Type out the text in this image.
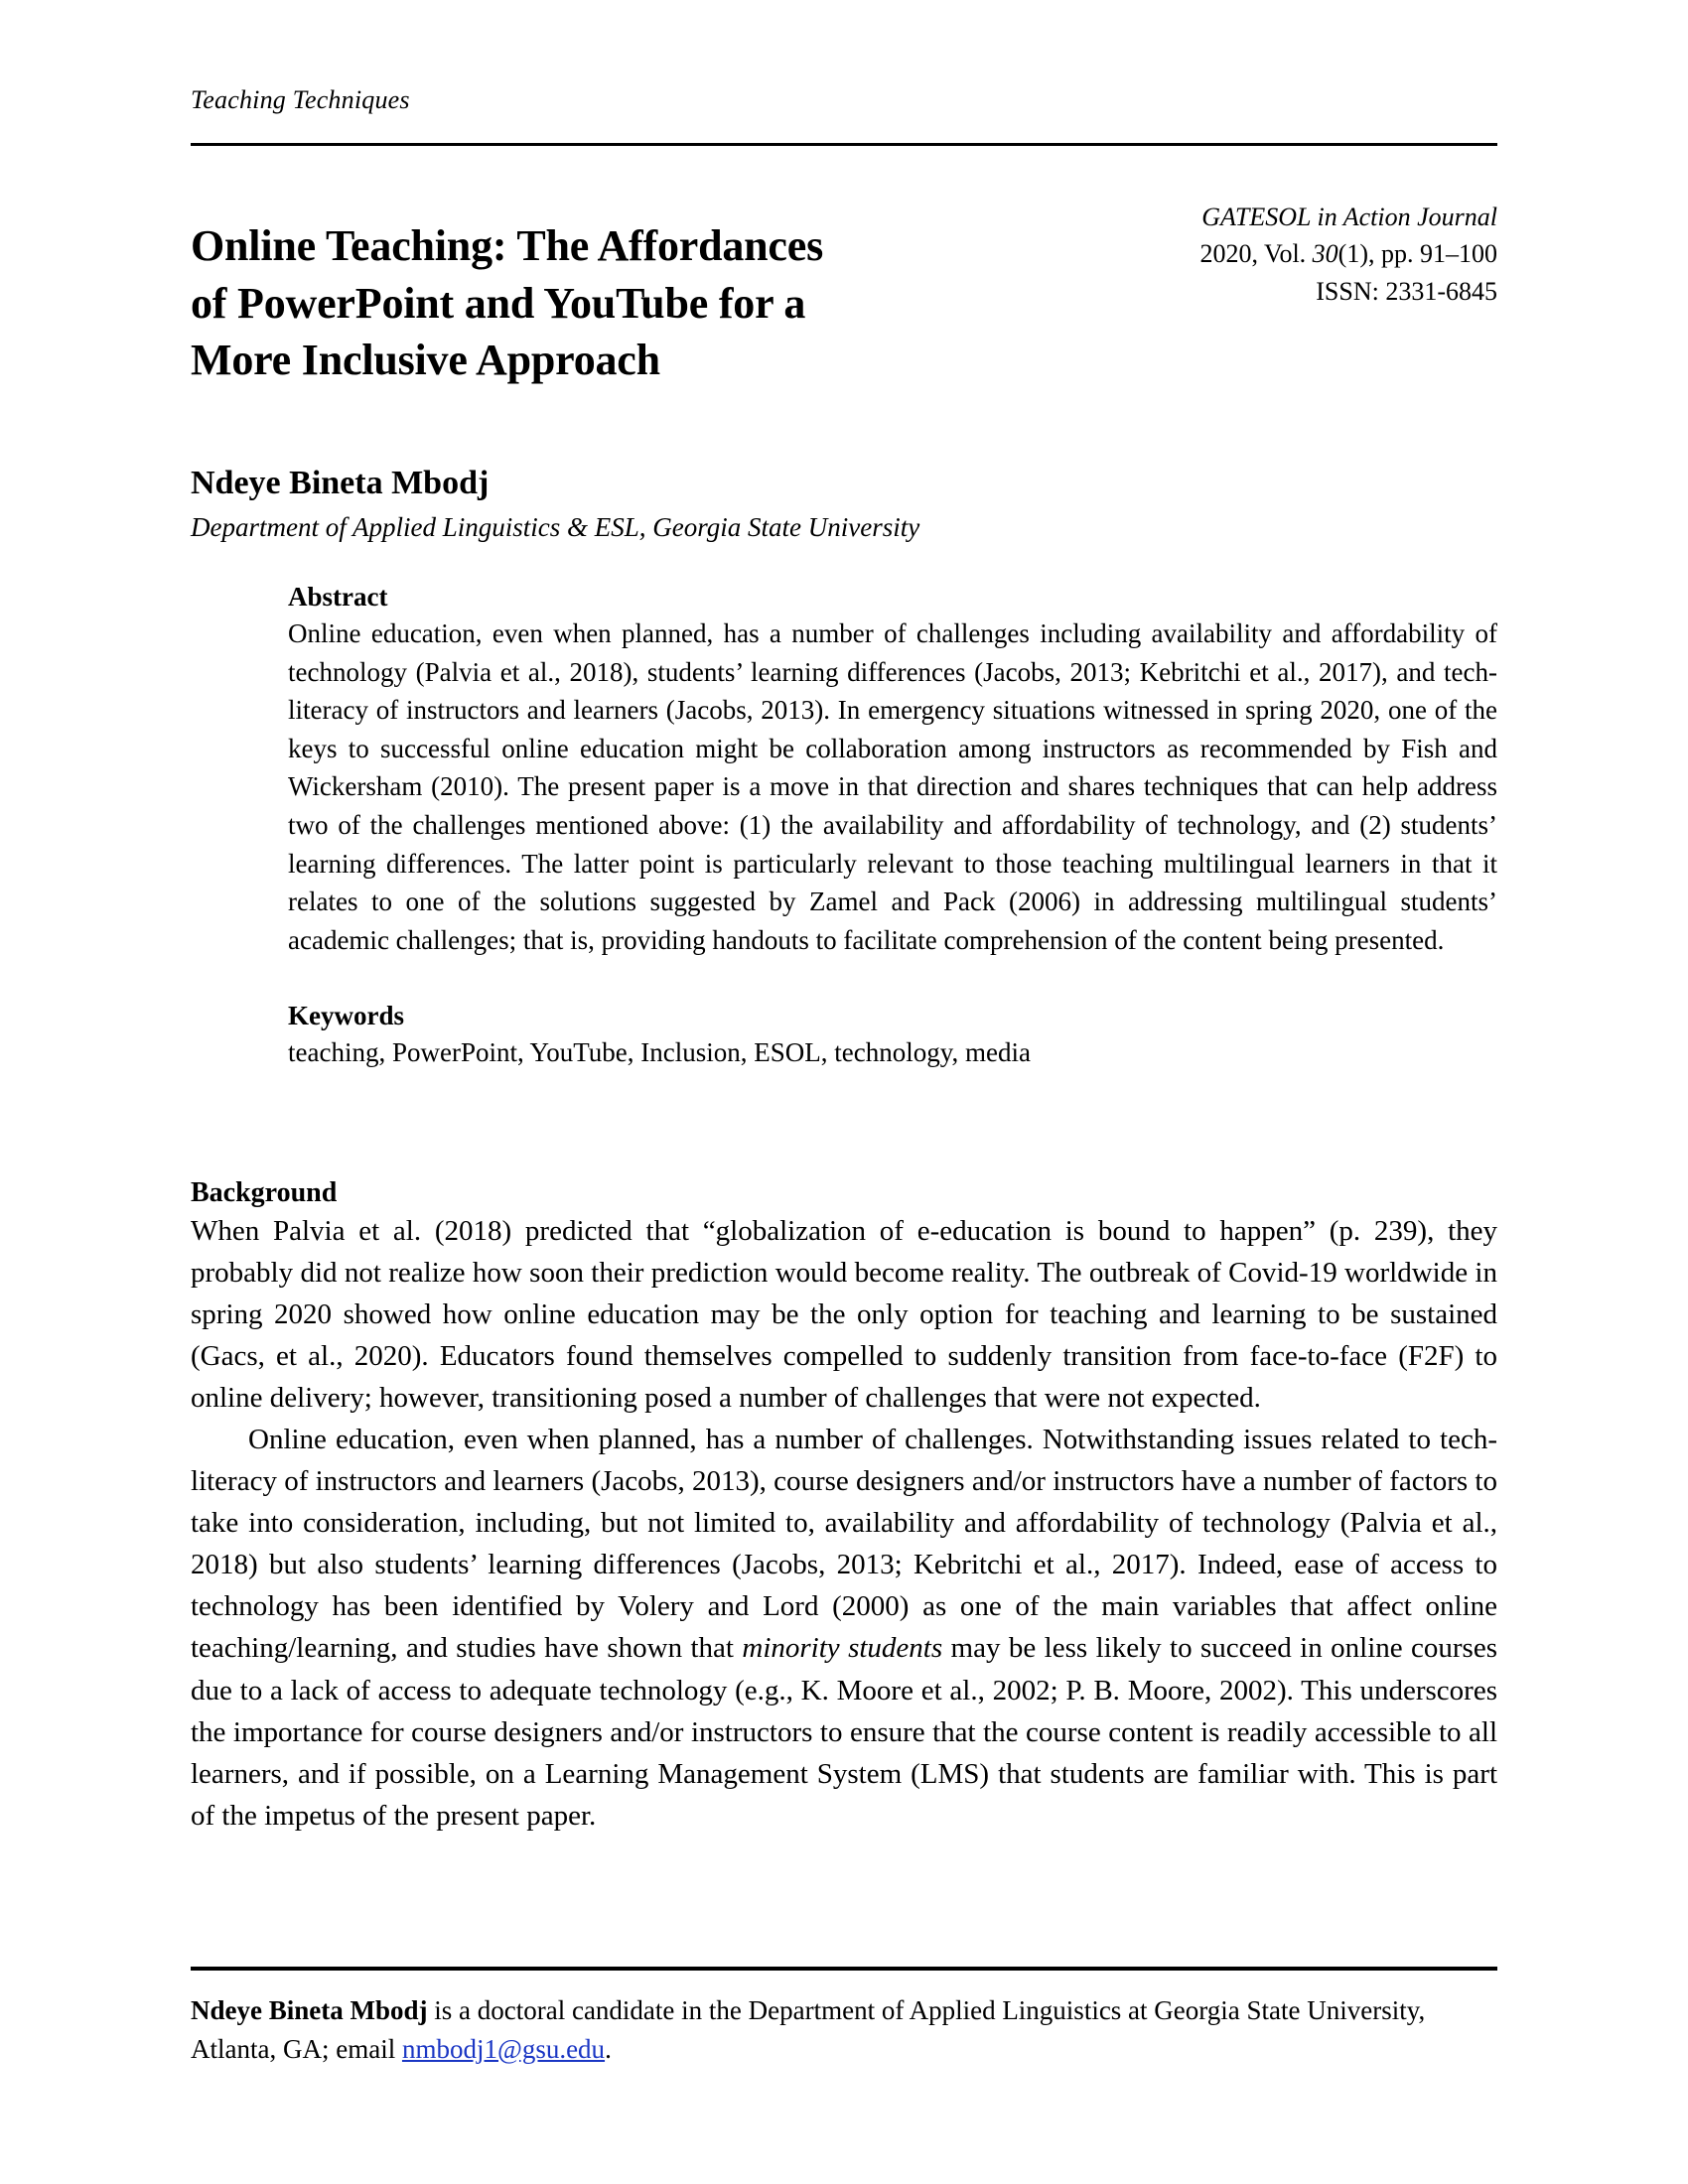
Teaching Techniques
Online Teaching: The Affordances
of PowerPoint and YouTube for a
More Inclusive Approach
GATESOL in Action Journal
2020, Vol. 30(1), pp. 91–100
ISSN: 2331-6845
Ndeye Bineta Mbodj
Department of Applied Linguistics & ESL, Georgia State University
Abstract

Online education, even when planned, has a number of challenges including availability and affordability of technology (Palvia et al., 2018), students’ learning differences (Jacobs, 2013; Kebritchi et al., 2017), and tech-literacy of instructors and learners (Jacobs, 2013). In emergency situations witnessed in spring 2020, one of the keys to successful online education might be collaboration among instructors as recommended by Fish and Wickersham (2010). The present paper is a move in that direction and shares techniques that can help address two of the challenges mentioned above: (1) the availability and affordability of technology, and (2) students’ learning differences. The latter point is particularly relevant to those teaching multilingual learners in that it relates to one of the solutions suggested by Zamel and Pack (2006) in addressing multilingual students’ academic challenges; that is, providing handouts to facilitate comprehension of the content being presented.

Keywords

teaching, PowerPoint, YouTube, Inclusion, ESOL, technology, media

Background

When Palvia et al. (2018) predicted that “globalization of e-education is bound to happen” (p. 239), they probably did not realize how soon their prediction would become reality. The outbreak of Covid-19 worldwide in spring 2020 showed how online education may be the only option for teaching and learning to be sustained (Gacs, et al., 2020). Educators found themselves compelled to suddenly transition from face-to-face (F2F) to online delivery; however, transitioning posed a number of challenges that were not expected.

Online education, even when planned, has a number of challenges. Notwithstanding issues related to tech-literacy of instructors and learners (Jacobs, 2013), course designers and/or instructors have a number of factors to take into consideration, including, but not limited to, availability and affordability of technology (Palvia et al., 2018) but also students’ learning differences (Jacobs, 2013; Kebritchi et al., 2017). Indeed, ease of access to technology has been identified by Volery and Lord (2000) as one of the main variables that affect online teaching/learning, and studies have shown that minority students may be less likely to succeed in online courses due to a lack of access to adequate technology (e.g., K. Moore et al., 2002; P. B. Moore, 2002). This underscores the importance for course designers and/or instructors to ensure that the course content is readily accessible to all learners, and if possible, on a Learning Management System (LMS) that students are familiar with. This is part of the impetus of the present paper.

Ndeye Bineta Mbodj is a doctoral candidate in the Department of Applied Linguistics at Georgia State University, Atlanta, GA; email nmbodj1@gsu.edu.
